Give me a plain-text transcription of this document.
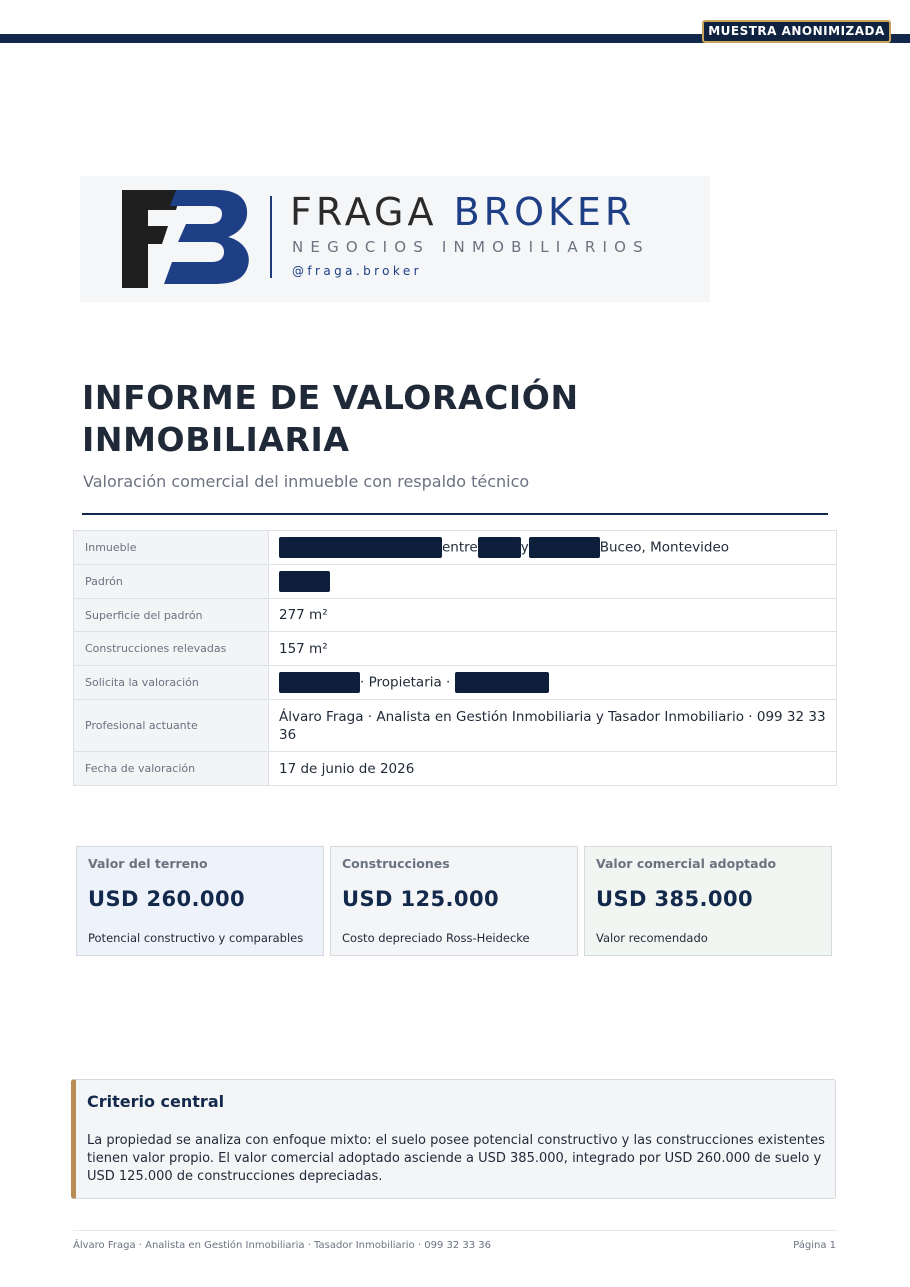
MUESTRA ANONIMIZADA
FRAGA BROKER
NEGOCIOS INMOBILIARIOS
@fraga.broker
INFORME DE VALORACIÓN INMOBILIARIA
Valoración comercial del inmueble con respaldo técnico
Inmueble	entre y Buceo, Montevideo
Padrón	
Superficie del padrón	277 m²
Construcciones relevadas	157 m²
Solicita la valoración	· Propietaria ·
Profesional actuante	Álvaro Fraga · Analista en Gestión Inmobiliaria y Tasador Inmobiliario · 099 32 33 36
Fecha de valoración	17 de junio de 2026
Valor del terreno
USD 260.000
Potencial constructivo y comparables
Construcciones
USD 125.000
Costo depreciado Ross-Heidecke
Valor comercial adoptado
USD 385.000
Valor recomendado
Criterio central

La propiedad se analiza con enfoque mixto: el suelo posee potencial constructivo y las construcciones existentes tienen valor propio. El valor comercial adoptado asciende a USD 385.000, integrado por USD 260.000 de suelo y USD 125.000 de construcciones depreciadas.

Álvaro Fraga · Analista en Gestión Inmobiliaria · Tasador Inmobiliario · 099 32 33 36	Página 1
